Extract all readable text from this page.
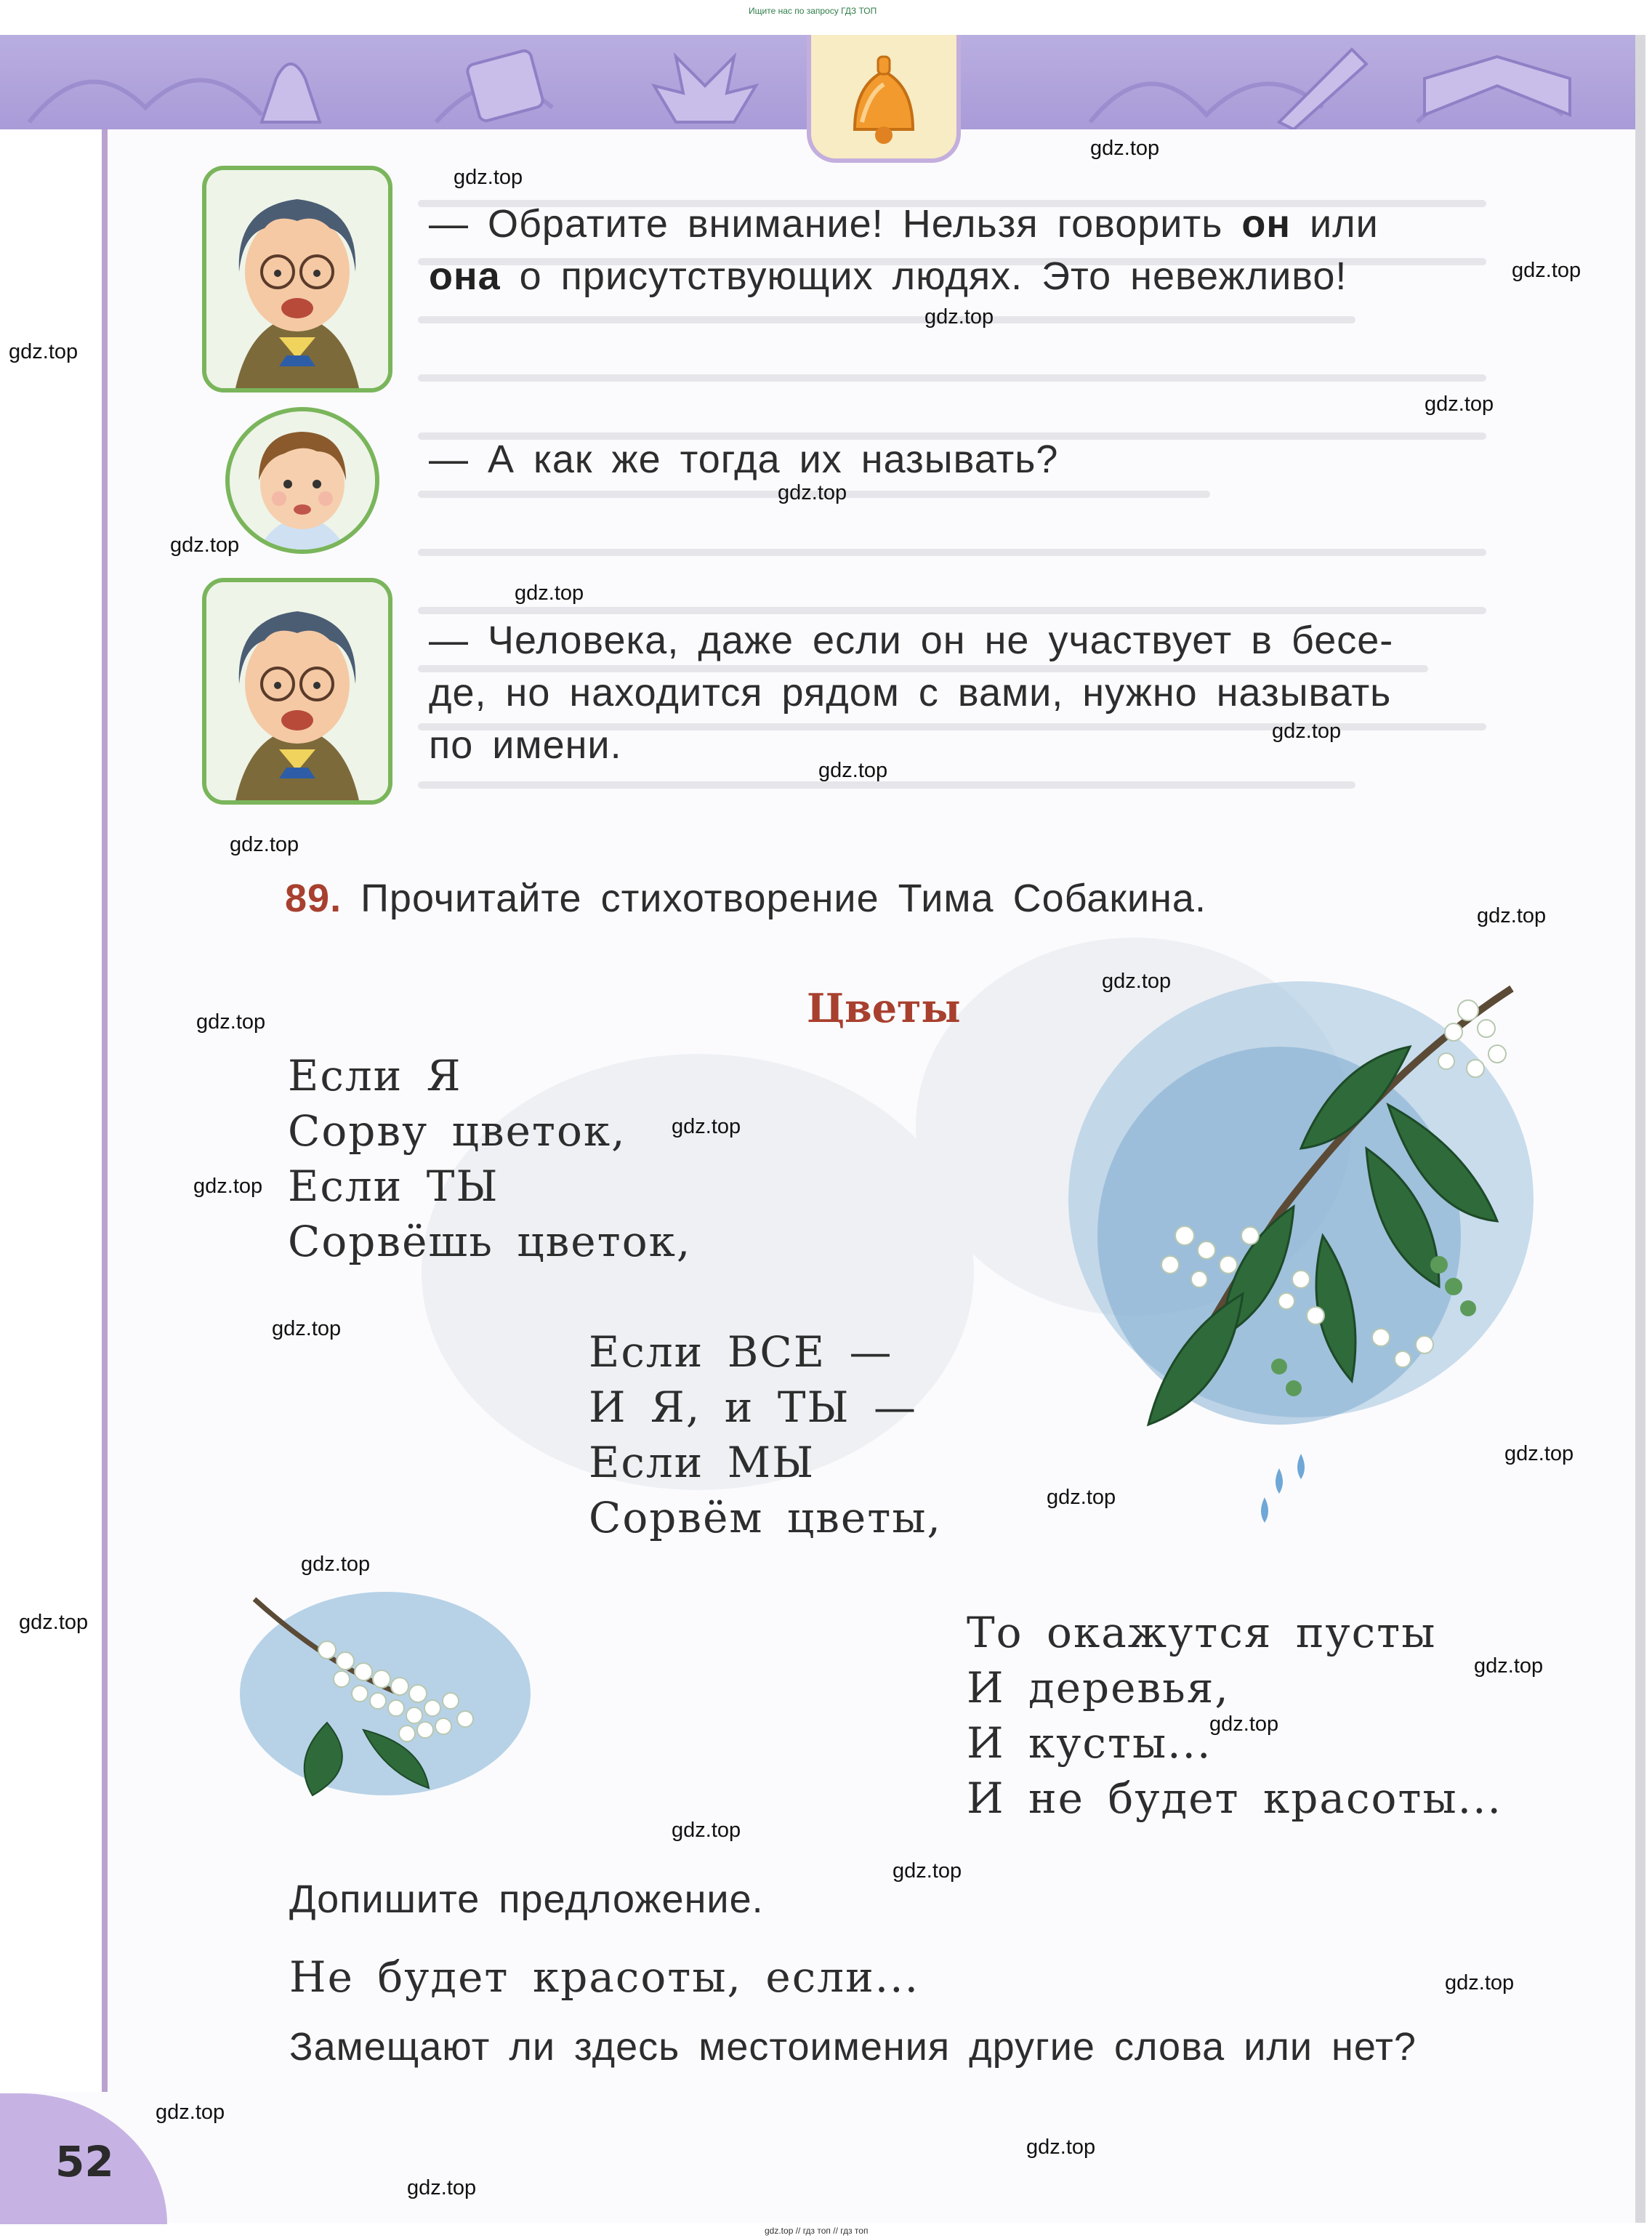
Ищите нас по запросу ГДЗ ТОП
— Обратите внимание! Нельзя говорить он или
она о присутствующих людях. Это невежливо!
— А как же тогда их называть?
— Человека, даже если он не участвует в бесе-
де, но находится рядом с вами, нужно называть
по имени.
89. Прочитайте стихотворение Тима Собакина.
Цветы
Если Я
Сорву цветок,
Если ТЫ
Сорвёшь цветок,
Если ВСЕ —
И Я, и ТЫ —
Если МЫ
Сорвём цветы,
То окажутся пусты
И деревья,
И кусты...
И не будет красоты...
Допишите предложение.
Не будет красоты, если...
Замещают ли здесь местоимения другие слова или нет?
52
gdz.top
gdz.top
gdz.top
gdz.top
gdz.top
gdz.top
gdz.top
gdz.top
gdz.top
gdz.top
gdz.top
gdz.top
gdz.top
gdz.top
gdz.top
gdz.top
gdz.top
gdz.top
gdz.top
gdz.top
gdz.top
gdz.top
gdz.top
gdz.top
gdz.top
gdz.top
gdz.top
gdz.top
gdz.top
gdz.top
gdz.top // гдз топ // гдз топ
